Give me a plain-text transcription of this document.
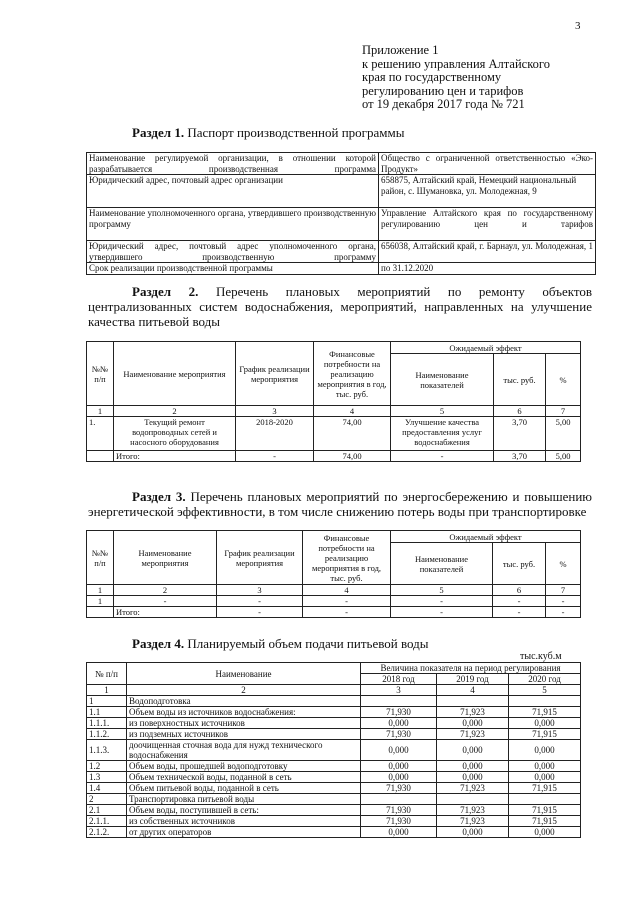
3
Приложение 1
к решению управления Алтайского
края по государственному
регулированию цен и тарифов
от 19 декабря 2017 года № 721
Раздел 1. Паспорт производственной программы
Наименование регулируемой организации, в отношении которой разрабатывается производственная программа	Общество с ограниченной ответственностью «Эко-Продукт»
Юридический адрес, почтовый адрес организации	658875, Алтайский край, Немецкий национальный район, с. Шумановка, ул. Молодежная, 9
Наименование уполномоченного органа, утвердившего производственную программу	Управление Алтайского края по государственному регулированию цен и тарифов
Юридический адрес, почтовый адрес уполномоченного органа, утвердившего производственную программу	656038, Алтайский край, г. Барнаул, ул. Молодежная, 1
Срок реализации производственной программы	по 31.12.2020
Раздел 2. Перечень плановых мероприятий по ремонту объектов централизованных систем водоснабжения, мероприятий, направленных на улучшение качества питьевой воды
№№ п/п	Наименование мероприятия	График реализации мероприятия	Финансовые потребности на реализацию мероприятия в год, тыс. руб.	Ожидаемый эффект		
				Наименование показателей	тыс. руб.	%
1	2	3	4	5	6	7
1.	Текущий ремонт водопроводных сетей и насосного оборудования	2018-2020	74,00	Улучшение качества предоставления услуг водоснабжения	3,70	5,00
	Итого:	-	74,00	-	3,70	5,00
Раздел 3. Перечень плановых мероприятий по энергосбережению и повышению энергетической эффективности, в том числе снижению потерь воды при транспортировке
№№ п/п	Наименование мероприятия	График реализации мероприятия	Финансовые потребности на реализацию мероприятия в год, тыс. руб.	Ожидаемый эффект		
				Наименование показателей	тыс. руб.	%
1	2	3	4	5	6	7
1	-	-	-	-	-	-
	Итого:	-	-	-	-	-
Раздел 4. Планируемый объем подачи питьевой воды
тыс.куб.м
№ п/п	Наименование	Величина показателя на период регулирования		
		2018 год	2019 год	2020 год
1	2	3	4	5
1	Водоподготовка			
1.1	Объем воды из источников водоснабжения:	71,930	71,923	71,915
1.1.1.	из поверхностных источников	0,000	0,000	0,000
1.1.2.	из подземных источников	71,930	71,923	71,915
1.1.3.	доочищенная сточная вода для нужд технического водоснабжения	0,000	0,000	0,000
1.2	Объем воды, прошедшей водоподготовку	0,000	0,000	0,000
1.3	Объем технической воды, поданной в сеть	0,000	0,000	0,000
1.4	Объем питьевой воды, поданной в сеть	71,930	71,923	71,915
2	Транспортировка питьевой воды			
2.1	Объем воды, поступившей в сеть:	71,930	71,923	71,915
2.1.1.	из собственных источников	71,930	71,923	71,915
2.1.2.	от других операторов	0,000	0,000	0,000
